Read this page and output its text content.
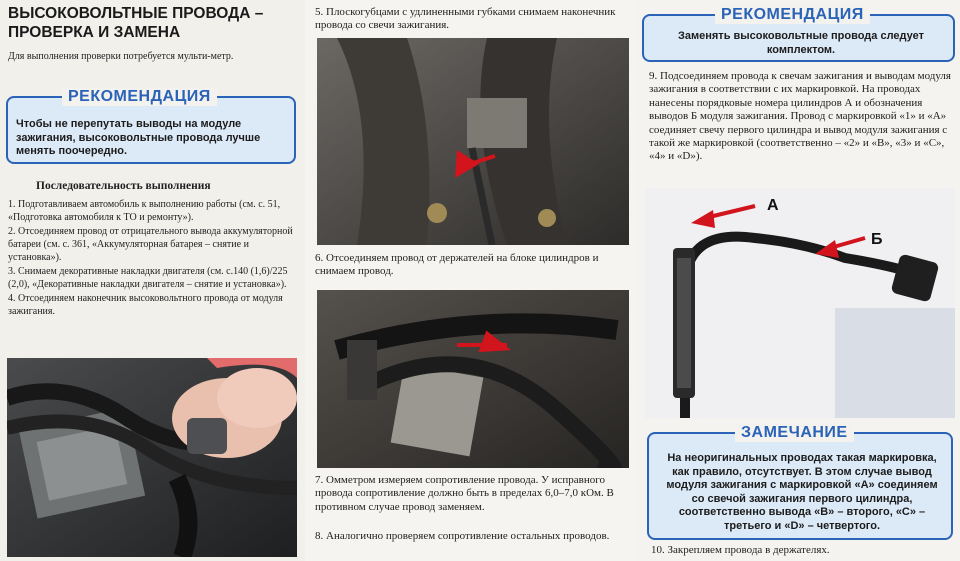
ВЫСОКОВОЛЬТНЫЕ ПРОВОДА –
ПРОВЕРКА И ЗАМЕНА
Для выполнения проверки потребуется мульти-метр.
Чтобы не перепутать выводы на модуле зажигания, высоковольтные провода лучше менять поочередно.
РЕКОМЕНДАЦИЯ
Последовательность выполнения
1. Подготавливаем автомобиль к выполнению работы (см. с. 51, «Подготовка автомобиля к ТО и ремонту»).
2. Отсоединяем провод от отрицательного вывода аккумуляторной батареи (см. с. 361, «Аккумуляторная батарея – снятие и установка»).
3. Снимаем декоративные накладки двигателя (см. с.140 (1,6)/225 (2,0), «Декоративные накладки двигателя – снятие и установка»).
4. Отсоединяем наконечник высоковольтного провода от модуля зажигания.
5. Плоскогубцами с удлиненными губками снимаем наконечник провода со свечи зажигания.
6. Отсоединяем провод от держателей на блоке цилиндров и снимаем провод.
7. Омметром измеряем сопротивление провода. У исправного провода сопротивление должно быть в пределах 6,0–7,0 кОм. В противном случае провод заменяем.
8. Аналогично проверяем сопротивление остальных проводов.
Заменять высоковольтные провода следует комплектом.
РЕКОМЕНДАЦИЯ
9. Подсоединяем провода к свечам зажигания и выводам модуля зажигания в соответствии с их маркировкой. На проводах нанесены порядковые номера цилиндров А и обозначения выводов Б модуля зажигания. Провод с маркировкой «1» и «А» соединяет свечу первого цилиндра и вывод модуля зажигания с такой же маркировкой (соответственно – «2» и «В», «3» и «С», «4» и «D»).
А
Б
На неоригинальных проводах такая маркировка, как правило, отсутствует. В этом случае вывод модуля зажигания с маркировкой «А» соединяем со свечой зажигания первого цилиндра, соответственно вывода «В» – второго, «С» – третьего и «D» – четвертого.
ЗАМЕЧАНИЕ
10. Закрепляем провода в держателях.
